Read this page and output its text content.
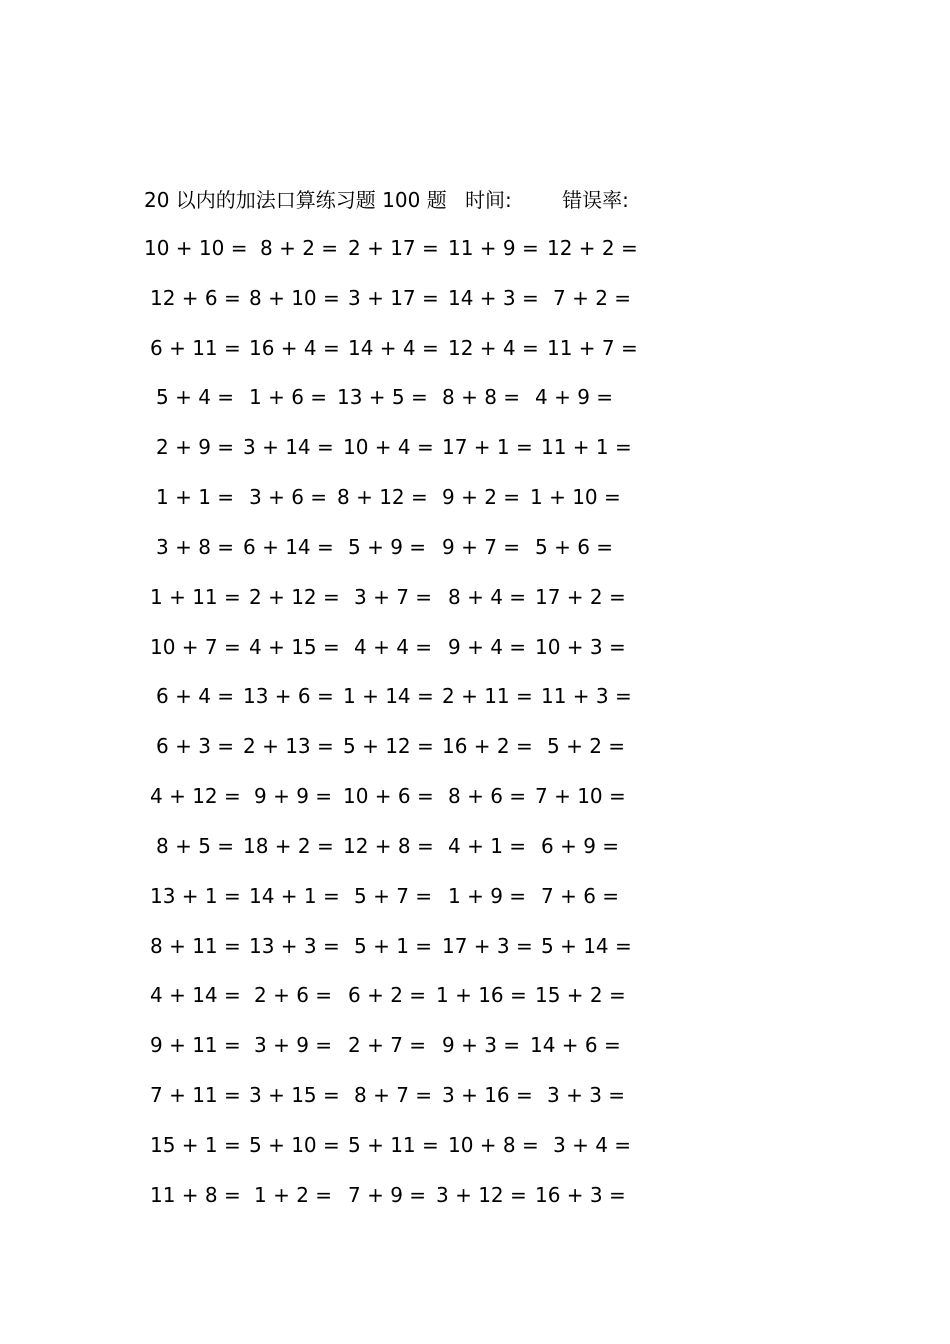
20 以内的加法口算练习题 100 题 时间:	错误率:
10 + 10 = 8 + 2 = 2 + 17 = 11 + 9 = 12 + 2 =
12 + 6 = 8 + 10 = 3 + 17 = 14 + 3 = 7 + 2 =
6 + 11 = 16 + 4 = 14 + 4 = 12 + 4 = 11 + 7 =
5 + 4 = 1 + 6 = 13 + 5 = 8 + 8 = 4 + 9 =
2 + 9 = 3 + 14 = 10 + 4 = 17 + 1 = 11 + 1 =
1 + 1 = 3 + 6 = 8 + 12 = 9 + 2 = 1 + 10 =
3 + 8 = 6 + 14 = 5 + 9 = 9 + 7 = 5 + 6 =
1 + 11 = 2 + 12 = 3 + 7 = 8 + 4 = 17 + 2 =
10 + 7 = 4 + 15 = 4 + 4 = 9 + 4 = 10 + 3 =
6 + 4 = 13 + 6 = 1 + 14 = 2 + 11 = 11 + 3 =
6 + 3 = 2 + 13 = 5 + 12 = 16 + 2 = 5 + 2 =
4 + 12 = 9 + 9 = 10 + 6 = 8 + 6 = 7 + 10 =
8 + 5 = 18 + 2 = 12 + 8 = 4 + 1 = 6 + 9 =
13 + 1 = 14 + 1 = 5 + 7 = 1 + 9 = 7 + 6 =
8 + 11 = 13 + 3 = 5 + 1 = 17 + 3 = 5 + 14 =
4 + 14 = 2 + 6 = 6 + 2 = 1 + 16 = 15 + 2 =
9 + 11 = 3 + 9 = 2 + 7 = 9 + 3 = 14 + 6 =
7 + 11 = 3 + 15 = 8 + 7 = 3 + 16 = 3 + 3 =
15 + 1 = 5 + 10 = 5 + 11 = 10 + 8 = 3 + 4 =
11 + 8 = 1 + 2 = 7 + 9 = 3 + 12 = 16 + 3 =
